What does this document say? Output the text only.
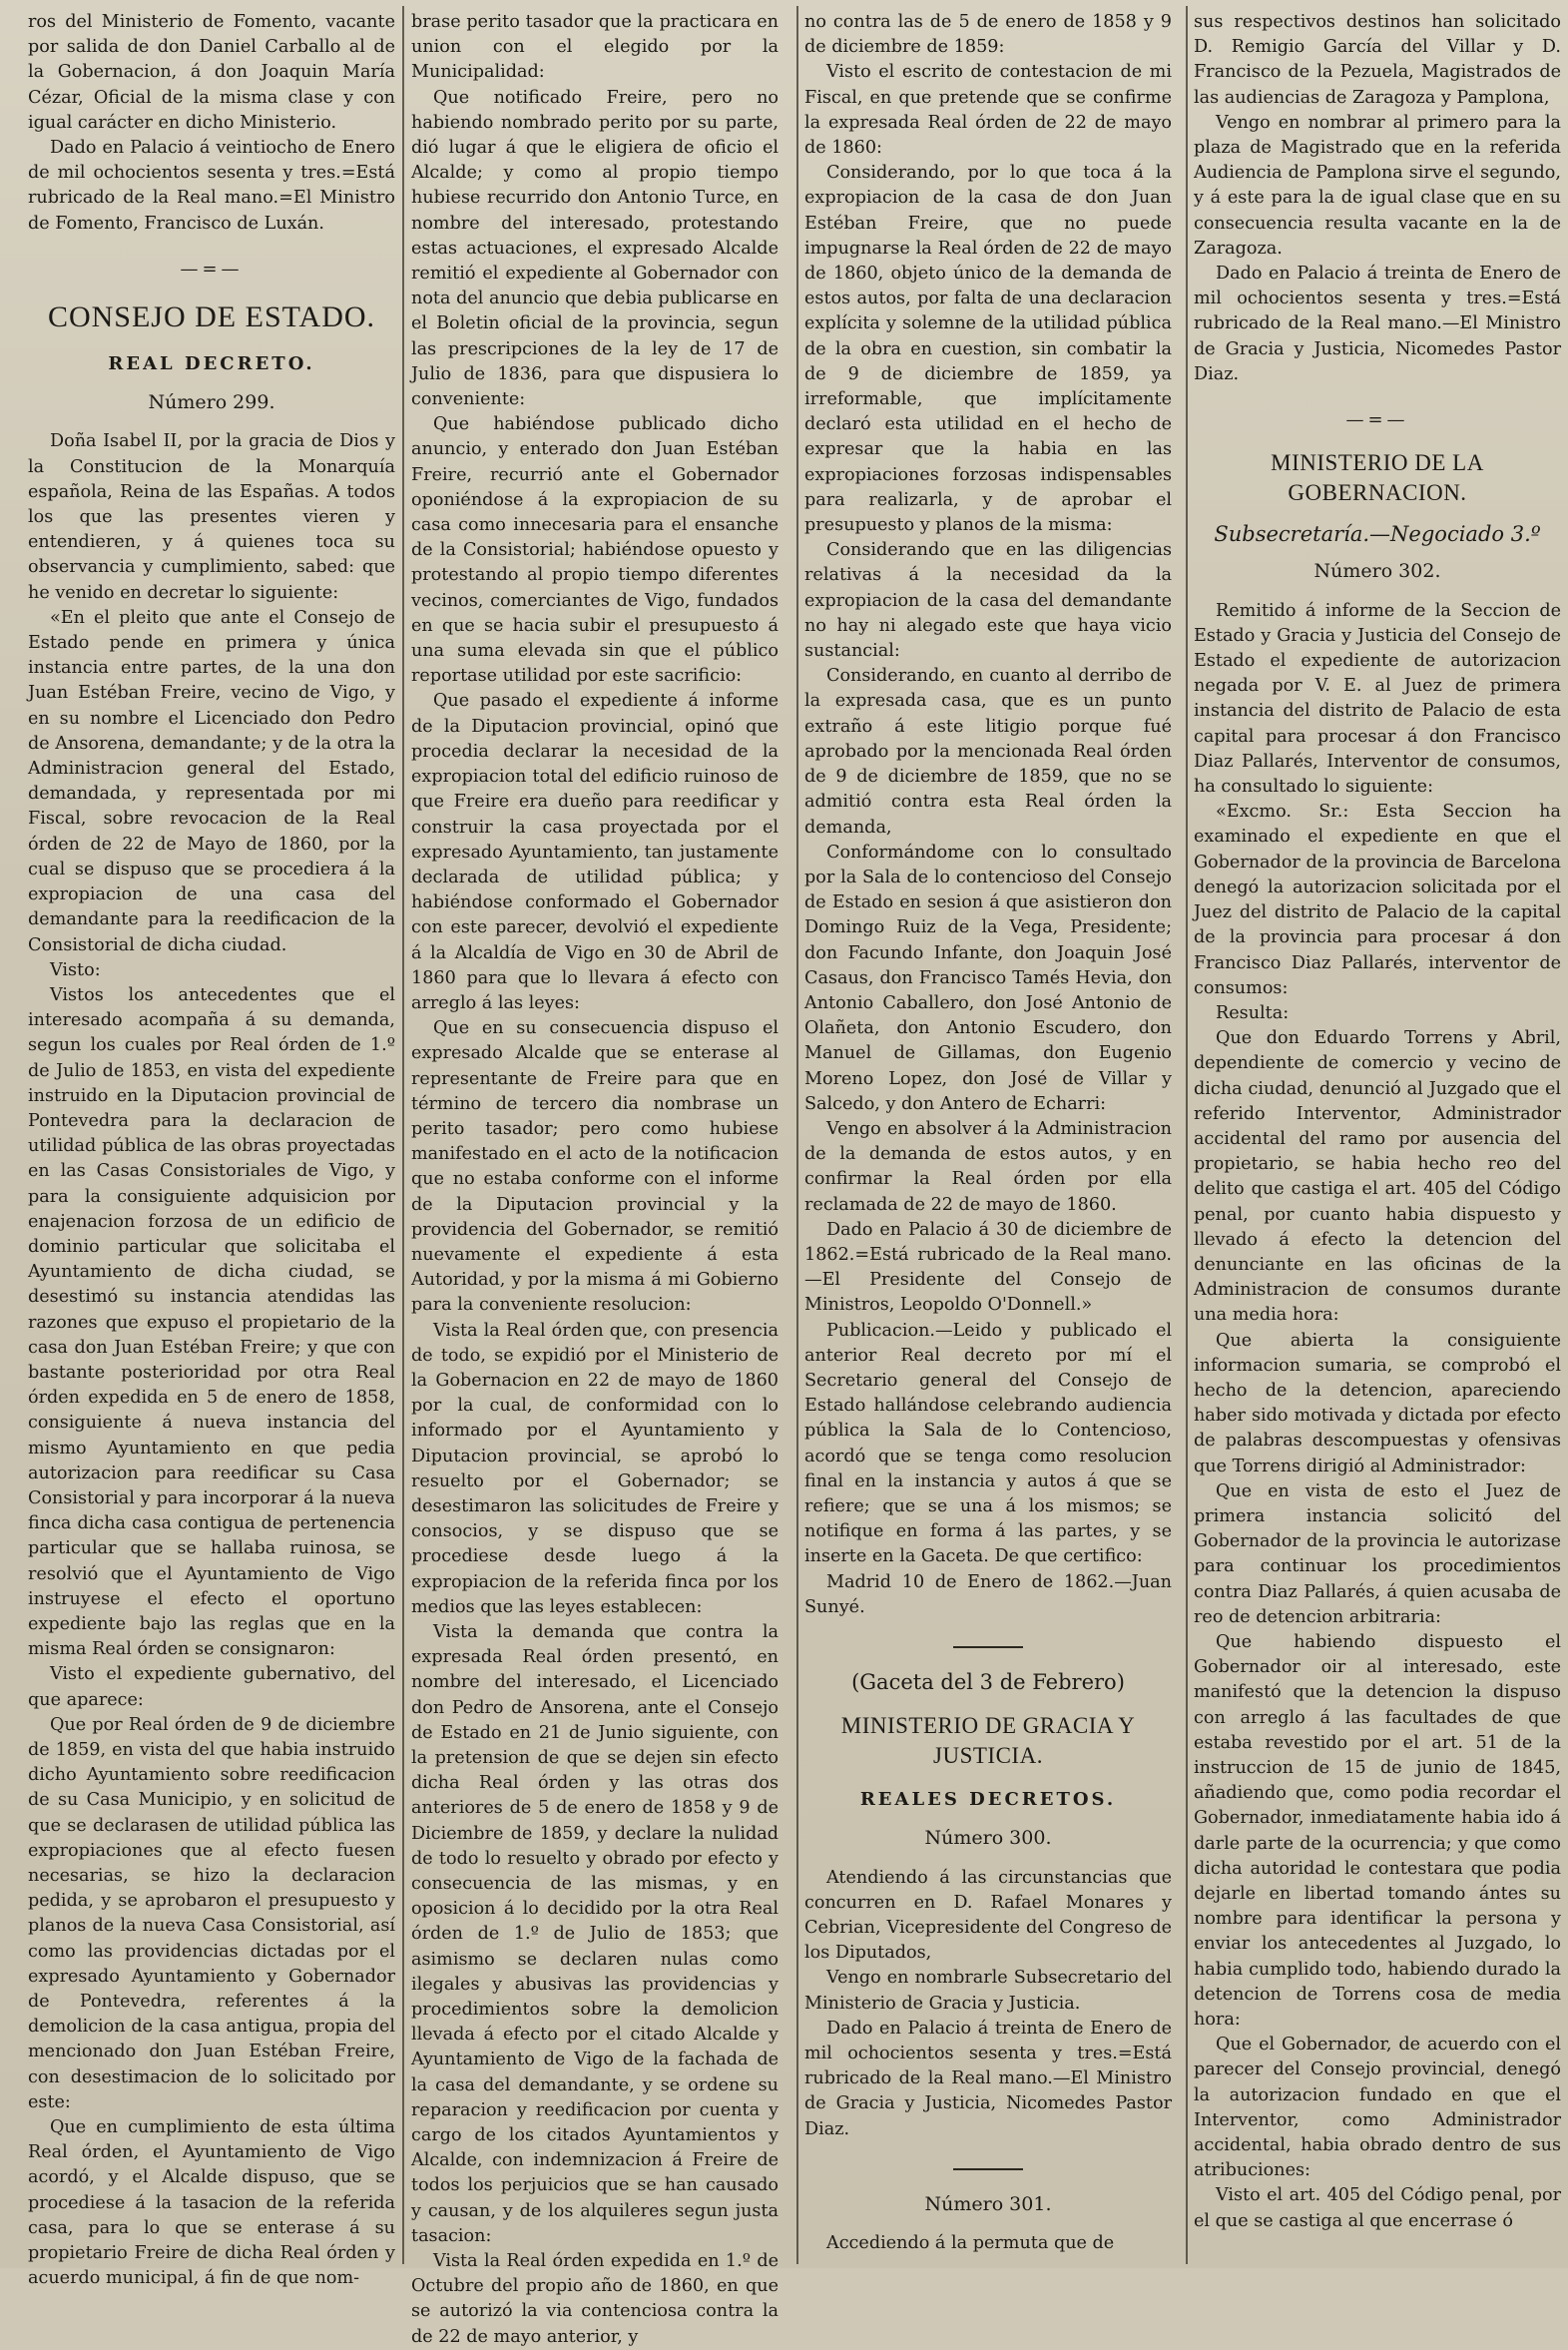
ros del Ministerio de Fomento, vacante por salida de don Daniel Carballo al de la Gobernacion, á don Joaquin María Cézar, Oficial de la misma clase y con igual carácter en dicho Ministerio.

Dado en Palacio á veintiocho de Enero de mil ochocientos sesenta y tres.=Está rubricado de la Real mano.=El Ministro de Fomento, Francisco de Luxán.

—=—
CONSEJO DE ESTADO.
REAL DECRETO.
Número 299.

Doña Isabel II, por la gracia de Dios y la Constitucion de la Monarquía española, Reina de las Españas. A todos los que las presentes vieren y entendieren, y á quienes toca su observancia y cumplimiento, sabed: que he venido en decretar lo siguiente:

«En el pleito que ante el Consejo de Estado pende en primera y única instancia entre partes, de la una don Juan Estéban Freire, vecino de Vigo, y en su nombre el Licenciado don Pedro de Ansorena, demandante; y de la otra la Administracion general del Estado, demandada, y representada por mi Fiscal, sobre revocacion de la Real órden de 22 de Mayo de 1860, por la cual se dispuso que se procediera á la expropiacion de una casa del demandante para la reedificacion de la Consistorial de dicha ciudad.

Visto:

Vistos los antecedentes que el interesado acompaña á su demanda, segun los cuales por Real órden de 1.º de Julio de 1853, en vista del expediente instruido en la Diputacion provincial de Pontevedra para la declaracion de utilidad pública de las obras proyectadas en las Casas Consistoriales de Vigo, y para la consiguiente adquisicion por enajenacion forzosa de un edificio de dominio particular que solicitaba el Ayuntamiento de dicha ciudad, se desestimó su instancia atendidas las razones que expuso el propietario de la casa don Juan Estéban Freire; y que con bastante posterioridad por otra Real órden expedida en 5 de enero de 1858, consiguiente á nueva instancia del mismo Ayuntamiento en que pedia autorizacion para reedificar su Casa Consistorial y para incorporar á la nueva finca dicha casa contigua de pertenencia particular que se hallaba ruinosa, se resolvió que el Ayuntamiento de Vigo instruyese el efecto el oportuno expediente bajo las reglas que en la misma Real órden se consignaron:

Visto el expediente gubernativo, del que aparece:

Que por Real órden de 9 de diciembre de 1859, en vista del que habia instruido dicho Ayuntamiento sobre reedificacion de su Casa Municipio, y en solicitud de que se declarasen de utilidad pública las expropiaciones que al efecto fuesen necesarias, se hizo la declaracion pedida, y se aprobaron el presupuesto y planos de la nueva Casa Consistorial, así como las providencias dictadas por el expresado Ayuntamiento y Gobernador de Pontevedra, referentes á la demolicion de la casa antigua, propia del mencionado don Juan Estéban Freire, con desestimacion de lo solicitado por este:

Que en cumplimiento de esta última Real órden, el Ayuntamiento de Vigo acordó, y el Alcalde dispuso, que se procediese á la tasacion de la referida casa, para lo que se enterase á su propietario Freire de dicha Real órden y acuerdo municipal, á fin de que nom-

brase perito tasador que la practicara en union con el elegido por la Municipalidad:

Que notificado Freire, pero no habiendo nombrado perito por su parte, dió lugar á que le eligiera de oficio el Alcalde; y como al propio tiempo hubiese recurrido don Antonio Turce, en nombre del interesado, protestando estas actuaciones, el expresado Alcalde remitió el expediente al Gobernador con nota del anuncio que debia publicarse en el Boletin oficial de la provincia, segun las prescripciones de la ley de 17 de Julio de 1836, para que dispusiera lo conveniente:

Que habiéndose publicado dicho anuncio, y enterado don Juan Estéban Freire, recurrió ante el Gobernador oponiéndose á la expropiacion de su casa como innecesaria para el ensanche de la Consistorial; habiéndose opuesto y protestando al propio tiempo diferentes vecinos, comerciantes de Vigo, fundados en que se hacia subir el presupuesto á una suma elevada sin que el público reportase utilidad por este sacrificio:

Que pasado el expediente á informe de la Diputacion provincial, opinó que procedia declarar la necesidad de la expropiacion total del edificio ruinoso de que Freire era dueño para reedificar y construir la casa proyectada por el expresado Ayuntamiento, tan justamente declarada de utilidad pública; y habiéndose conformado el Gobernador con este parecer, devolvió el expediente á la Alcaldía de Vigo en 30 de Abril de 1860 para que lo llevara á efecto con arreglo á las leyes:

Que en su consecuencia dispuso el expresado Alcalde que se enterase al representante de Freire para que en término de tercero dia nombrase un perito tasador; pero como hubiese manifestado en el acto de la notificacion que no estaba conforme con el informe de la Diputacion provincial y la providencia del Gobernador, se remitió nuevamente el expediente á esta Autoridad, y por la misma á mi Gobierno para la conveniente resolucion:

Vista la Real órden que, con presencia de todo, se expidió por el Ministerio de la Gobernacion en 22 de mayo de 1860 por la cual, de conformidad con lo informado por el Ayuntamiento y Diputacion provincial, se aprobó lo resuelto por el Gobernador; se desestimaron las solicitudes de Freire y consocios, y se dispuso que se procediese desde luego á la expropiacion de la referida finca por los medios que las leyes establecen:

Vista la demanda que contra la expresada Real órden presentó, en nombre del interesado, el Licenciado don Pedro de Ansorena, ante el Consejo de Estado en 21 de Junio siguiente, con la pretension de que se dejen sin efecto dicha Real órden y las otras dos anteriores de 5 de enero de 1858 y 9 de Diciembre de 1859, y declare la nulidad de todo lo resuelto y obrado por efecto y consecuencia de las mismas, y en oposicion á lo decidido por la otra Real órden de 1.º de Julio de 1853; que asimismo se declaren nulas como ilegales y abusivas las providencias y procedimientos sobre la demolicion llevada á efecto por el citado Alcalde y Ayuntamiento de Vigo de la fachada de la casa del demandante, y se ordene su reparacion y reedificacion por cuenta y cargo de los citados Ayuntamientos y Alcalde, con indemnizacion á Freire de todos los perjuicios que se han causado y causan, y de los alquileres segun justa tasacion:

Vista la Real órden expedida en 1.º de Octubre del propio año de 1860, en que se autorizó la via contenciosa contra la de 22 de mayo anterior, y

no contra las de 5 de enero de 1858 y 9 de diciembre de 1859:

Visto el escrito de contestacion de mi Fiscal, en que pretende que se confirme la expresada Real órden de 22 de mayo de 1860:

Considerando, por lo que toca á la expropiacion de la casa de don Juan Estéban Freire, que no puede impugnarse la Real órden de 22 de mayo de 1860, objeto único de la demanda de estos autos, por falta de una declaracion explícita y solemne de la utilidad pública de la obra en cuestion, sin combatir la de 9 de diciembre de 1859, ya irreformable, que implícitamente declaró esta utilidad en el hecho de expresar que la habia en las expropiaciones forzosas indispensables para realizarla, y de aprobar el presupuesto y planos de la misma:

Considerando que en las diligencias relativas á la necesidad da la expropiacion de la casa del demandante no hay ni alegado este que haya vicio sustancial:

Considerando, en cuanto al derribo de la expresada casa, que es un punto extraño á este litigio porque fué aprobado por la mencionada Real órden de 9 de diciembre de 1859, que no se admitió contra esta Real órden la demanda,

Conformándome con lo consultado por la Sala de lo contencioso del Consejo de Estado en sesion á que asistieron don Domingo Ruiz de la Vega, Presidente; don Facundo Infante, don Joaquin José Casaus, don Francisco Tamés Hevia, don Antonio Caballero, don José Antonio de Olañeta, don Antonio Escudero, don Manuel de Gillamas, don Eugenio Moreno Lopez, don José de Villar y Salcedo, y don Antero de Echarri:

Vengo en absolver á la Administracion de la demanda de estos autos, y en confirmar la Real órden por ella reclamada de 22 de mayo de 1860.

Dado en Palacio á 30 de diciembre de 1862.=Está rubricado de la Real mano.—El Presidente del Consejo de Ministros, Leopoldo O'Donnell.»

Publicacion.—Leido y publicado el anterior Real decreto por mí el Secretario general del Consejo de Estado hallándose celebrando audiencia pública la Sala de lo Contencioso, acordó que se tenga como resolucion final en la instancia y autos á que se refiere; que se una á los mismos; se notifique en forma á las partes, y se inserte en la Gaceta. De que certifico:

Madrid 10 de Enero de 1862.—Juan Sunyé.

(Gaceta del 3 de Febrero)
MINISTERIO DE GRACIA Y JUSTICIA.
REALES DECRETOS.
Número 300.

Atendiendo á las circunstancias que concurren en D. Rafael Monares y Cebrian, Vicepresidente del Congreso de los Diputados,

Vengo en nombrarle Subsecretario del Ministerio de Gracia y Justicia.

Dado en Palacio á treinta de Enero de mil ochocientos sesenta y tres.=Está rubricado de la Real mano.—El Ministro de Gracia y Justicia, Nicomedes Pastor Diaz.

Número 301.

Accediendo á la permuta que de

sus respectivos destinos han solicitado D. Remigio García del Villar y D. Francisco de la Pezuela, Magistrados de las audiencias de Zaragoza y Pamplona,

Vengo en nombrar al primero para la plaza de Magistrado que en la referida Audiencia de Pamplona sirve el segundo, y á este para la de igual clase que en su consecuencia resulta vacante en la de Zaragoza.

Dado en Palacio á treinta de Enero de mil ochocientos sesenta y tres.=Está rubricado de la Real mano.—El Ministro de Gracia y Justicia, Nicomedes Pastor Diaz.

—=—
MINISTERIO DE LA GOBERNACION.
Subsecretaría.—Negociado 3.º
Número 302.

Remitido á informe de la Seccion de Estado y Gracia y Justicia del Consejo de Estado el expediente de autorizacion negada por V. E. al Juez de primera instancia del distrito de Palacio de esta capital para procesar á don Francisco Diaz Pallarés, Interventor de consumos, ha consultado lo siguiente:

«Excmo. Sr.: Esta Seccion ha examinado el expediente en que el Gobernador de la provincia de Barcelona denegó la autorizacion solicitada por el Juez del distrito de Palacio de la capital de la provincia para procesar á don Francisco Diaz Pallarés, interventor de consumos:

Resulta:

Que don Eduardo Torrens y Abril, dependiente de comercio y vecino de dicha ciudad, denunció al Juzgado que el referido Interventor, Administrador accidental del ramo por ausencia del propietario, se habia hecho reo del delito que castiga el art. 405 del Código penal, por cuanto habia dispuesto y llevado á efecto la detencion del denunciante en las oficinas de la Administracion de consumos durante una media hora:

Que abierta la consiguiente informacion sumaria, se comprobó el hecho de la detencion, apareciendo haber sido motivada y dictada por efecto de palabras descompuestas y ofensivas que Torrens dirigió al Administrador:

Que en vista de esto el Juez de primera instancia solicitó del Gobernador de la provincia le autorizase para continuar los procedimientos contra Diaz Pallarés, á quien acusaba de reo de detencion arbitraria:

Que habiendo dispuesto el Gobernador oir al interesado, este manifestó que la detencion la dispuso con arreglo á las facultades de que estaba revestido por el art. 51 de la instruccion de 15 de junio de 1845, añadiendo que, como podia recordar el Gobernador, inmediatamente habia ido á darle parte de la ocurrencia; y que como dicha autoridad le contestara que podia dejarle en libertad tomando ántes su nombre para identificar la persona y enviar los antecedentes al Juzgado, lo habia cumplido todo, habiendo durado la detencion de Torrens cosa de media hora:

Que el Gobernador, de acuerdo con el parecer del Consejo provincial, denegó la autorizacion fundado en que el Interventor, como Administrador accidental, habia obrado dentro de sus atribuciones:

Visto el art. 405 del Código penal, por el que se castiga al que encerrase ó
